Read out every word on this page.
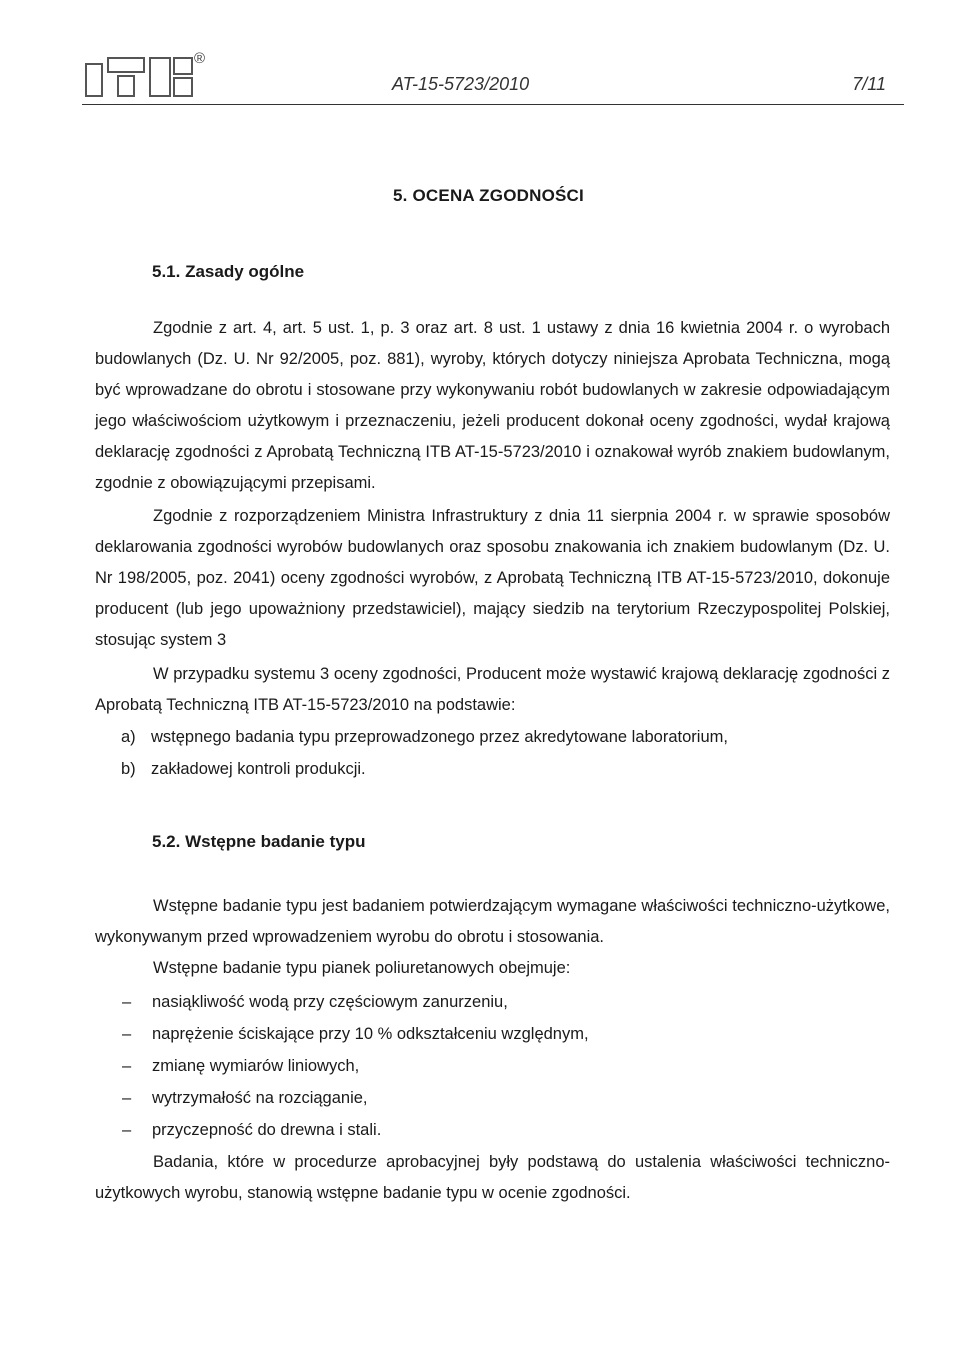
®
AT-15-5723/2010	7/11
5. OCENA ZGODNOŚCI
5.1. Zasady ogólne

Zgodnie z art. 4, art. 5 ust. 1, p. 3 oraz art. 8 ust. 1 ustawy z dnia 16 kwietnia 2004 r. o wyrobach budowlanych (Dz. U. Nr 92/2005, poz. 881), wyroby, których dotyczy niniejsza Aprobata Techniczna, mogą być wprowadzane do obrotu i stosowane przy wykonywaniu robót budowlanych w zakresie odpowiadającym jego właściwościom użytkowym i przeznaczeniu, jeżeli producent dokonał oceny zgodności, wydał krajową deklarację zgodności z Aprobatą Techniczną ITB AT-15-5723/2010 i oznakował wyrób znakiem budowlanym, zgodnie z obowiązującymi przepisami.

Zgodnie z rozporządzeniem Ministra Infrastruktury z dnia 11 sierpnia 2004 r. w sprawie sposobów deklarowania zgodności wyrobów budowlanych oraz sposobu znakowania ich znakiem budowlanym (Dz. U. Nr 198/2005, poz. 2041) oceny zgodności wyrobów, z Aprobatą Techniczną ITB AT-15-5723/2010, dokonuje producent (lub jego upoważniony przedstawiciel), mający siedzib na terytorium Rzeczypospolitej Polskiej, stosując system 3

W przypadku systemu 3 oceny zgodności, Producent może wystawić krajową deklarację zgodności z Aprobatą Techniczną ITB AT-15-5723/2010 na podstawie:

a) wstępnego badania typu przeprowadzonego przez akredytowane laboratorium,
b) zakładowej kontroli produkcji.
5.2. Wstępne badanie typu

Wstępne badanie typu jest badaniem potwierdzającym wymagane właściwości techniczno-użytkowe, wykonywanym przed wprowadzeniem wyrobu do obrotu i stosowania.

Wstępne badanie typu pianek poliuretanowych obejmuje:

– nasiąkliwość wodą przy częściowym zanurzeniu,
– naprężenie ściskające przy 10 % odkształceniu względnym,
– zmianę wymiarów liniowych,
– wytrzymałość na rozciąganie,
– przyczepność do drewna i stali.

Badania, które w procedurze aprobacyjnej były podstawą do ustalenia właściwości techniczno-użytkowych wyrobu, stanowią wstępne badanie typu w ocenie zgodności.
